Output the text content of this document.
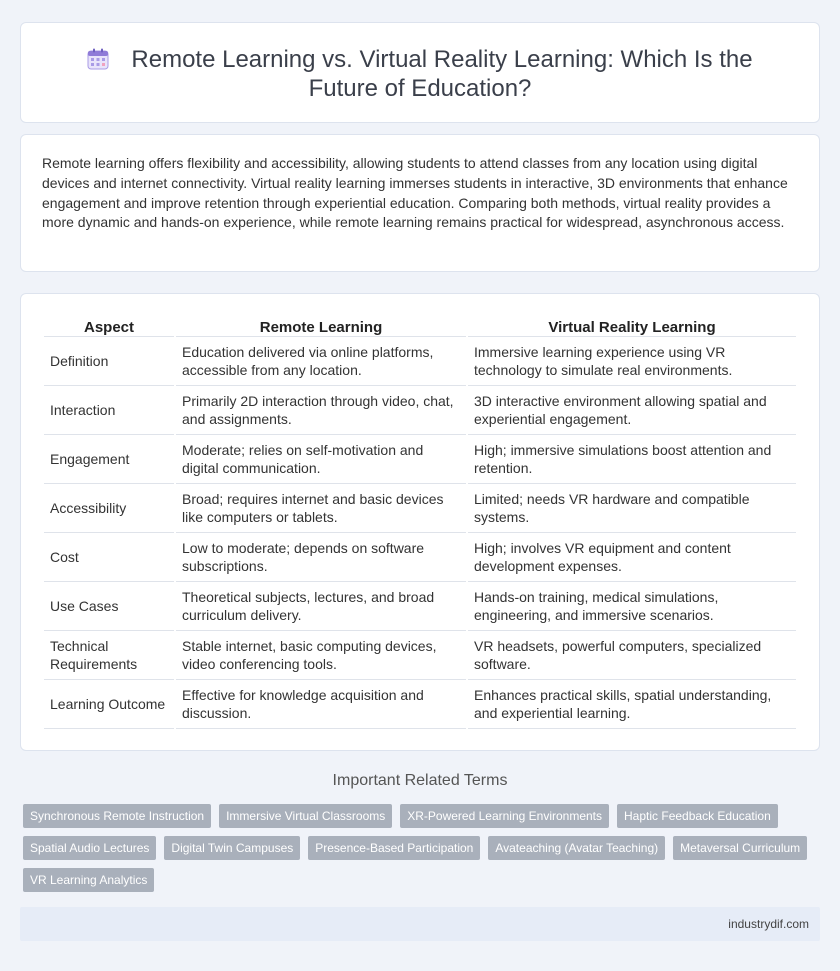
Remote Learning vs. Virtual Reality Learning: Which Is the Future of Education?

Remote learning offers flexibility and accessibility, allowing students to attend classes from any location using digital devices and internet connectivity. Virtual reality learning immerses students in interactive, 3D environments that enhance engagement and improve retention through experiential education. Comparing both methods, virtual reality provides a more dynamic and hands-on experience, while remote learning remains practical for widespread, asynchronous access.

Aspect	Remote Learning	Virtual Reality Learning
Definition	Education delivered via online platforms, accessible from any location.	Immersive learning experience using VR technology to simulate real environments.
Interaction	Primarily 2D interaction through video, chat, and assignments.	3D interactive environment allowing spatial and experiential engagement.
Engagement	Moderate; relies on self-motivation and digital communication.	High; immersive simulations boost attention and retention.
Accessibility	Broad; requires internet and basic devices like computers or tablets.	Limited; needs VR hardware and compatible systems.
Cost	Low to moderate; depends on software subscriptions.	High; involves VR equipment and content development expenses.
Use Cases	Theoretical subjects, lectures, and broad curriculum delivery.	Hands-on training, medical simulations, engineering, and immersive scenarios.
Technical Requirements	Stable internet, basic computing devices, video conferencing tools.	VR headsets, powerful computers, specialized software.
Learning Outcome	Effective for knowledge acquisition and discussion.	Enhances practical skills, spatial understanding, and experiential learning.
Important Related Terms
Synchronous Remote Instruction	Immersive Virtual Classrooms	XR-Powered Learning Environments	Haptic Feedback Education
Spatial Audio Lectures	Digital Twin Campuses	Presence-Based Participation	Avateaching (Avatar Teaching)	Metaversal Curriculum
VR Learning Analytics
industrydif.com
